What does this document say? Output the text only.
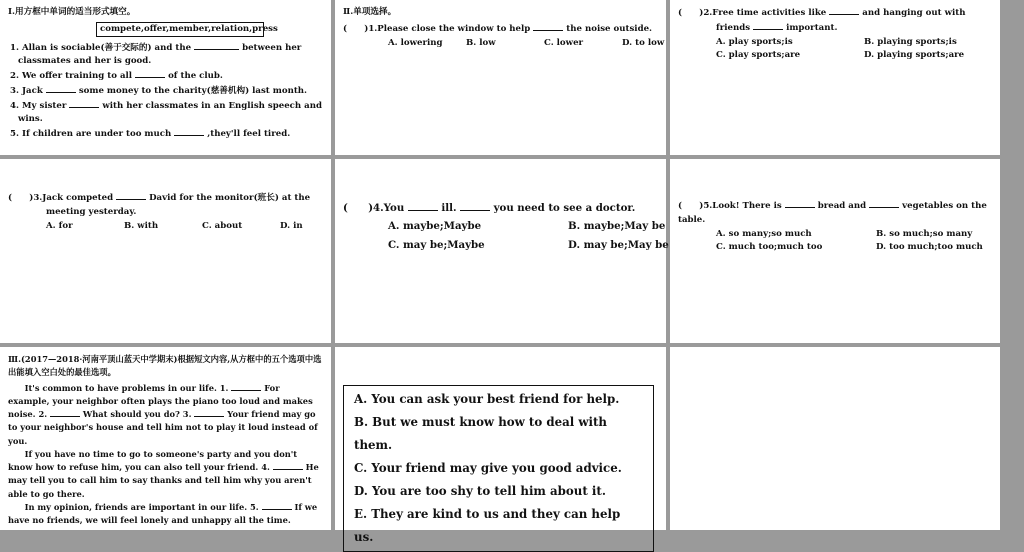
Ⅰ.用方框中单词的适当形式填空。
compete,offer,member,relation,press
1. Allan is sociable(善于交际的) and the	between her classmates and her is good.
2. We offer training to all	of the club.
3. Jack	some money to the charity(慈善机构) last month.
4. My sister	with her classmates in an English speech and wins.
5. If children are under too much	,they'll feel tired.
Ⅱ.单项选择。
(　　)1.Please close the window to help	the noise outside.
A. lowering	B. low	C. lower	D. to low
(　　)2.Free time activities like	and hanging out with friends	important.
A. play sports;is	B. playing sports;is
C. play sports;are	D. playing sports;are
(　　)3.Jack competed	David for the monitor(班长) at the meeting yesterday.
A. for	B. with	C. about	D. in
(　　)4.You	ill.	you need to see a doctor.
A. maybe;Maybe	B. maybe;May be
C. may be;Maybe	D. may be;May be
(　　)5.Look! There is	bread and	vegetables on the table.
A. so many;so much	B. so much;so many
C. much too;much too	D. too much;too much
Ⅲ.(2017—2018·河南平顶山蓝天中学期末)根据短文内容,从方框中的五个选项中选出能填入空白处的最佳选项。

It's common to have problems in our life. 1.	For example, your neighbor often plays the piano too loud and makes noise. 2.	What should you do? 3.	Your friend may go to your neighbor's house and tell him not to play it loud instead of you.

If you have no time to go to someone's party and you don't know how to refuse him, you can also tell your friend. 4.	He may tell you to call him to say thanks and tell him why you aren't able to go there.

In my opinion, friends are important in our life. 5.	If we have no friends, we will feel lonely and unhappy all the time.

A. You can ask your best friend for help.
B. But we must know how to deal with them.
C. Your friend may give you good advice.
D. You are too shy to tell him about it.
E. They are kind to us and they can help us.
